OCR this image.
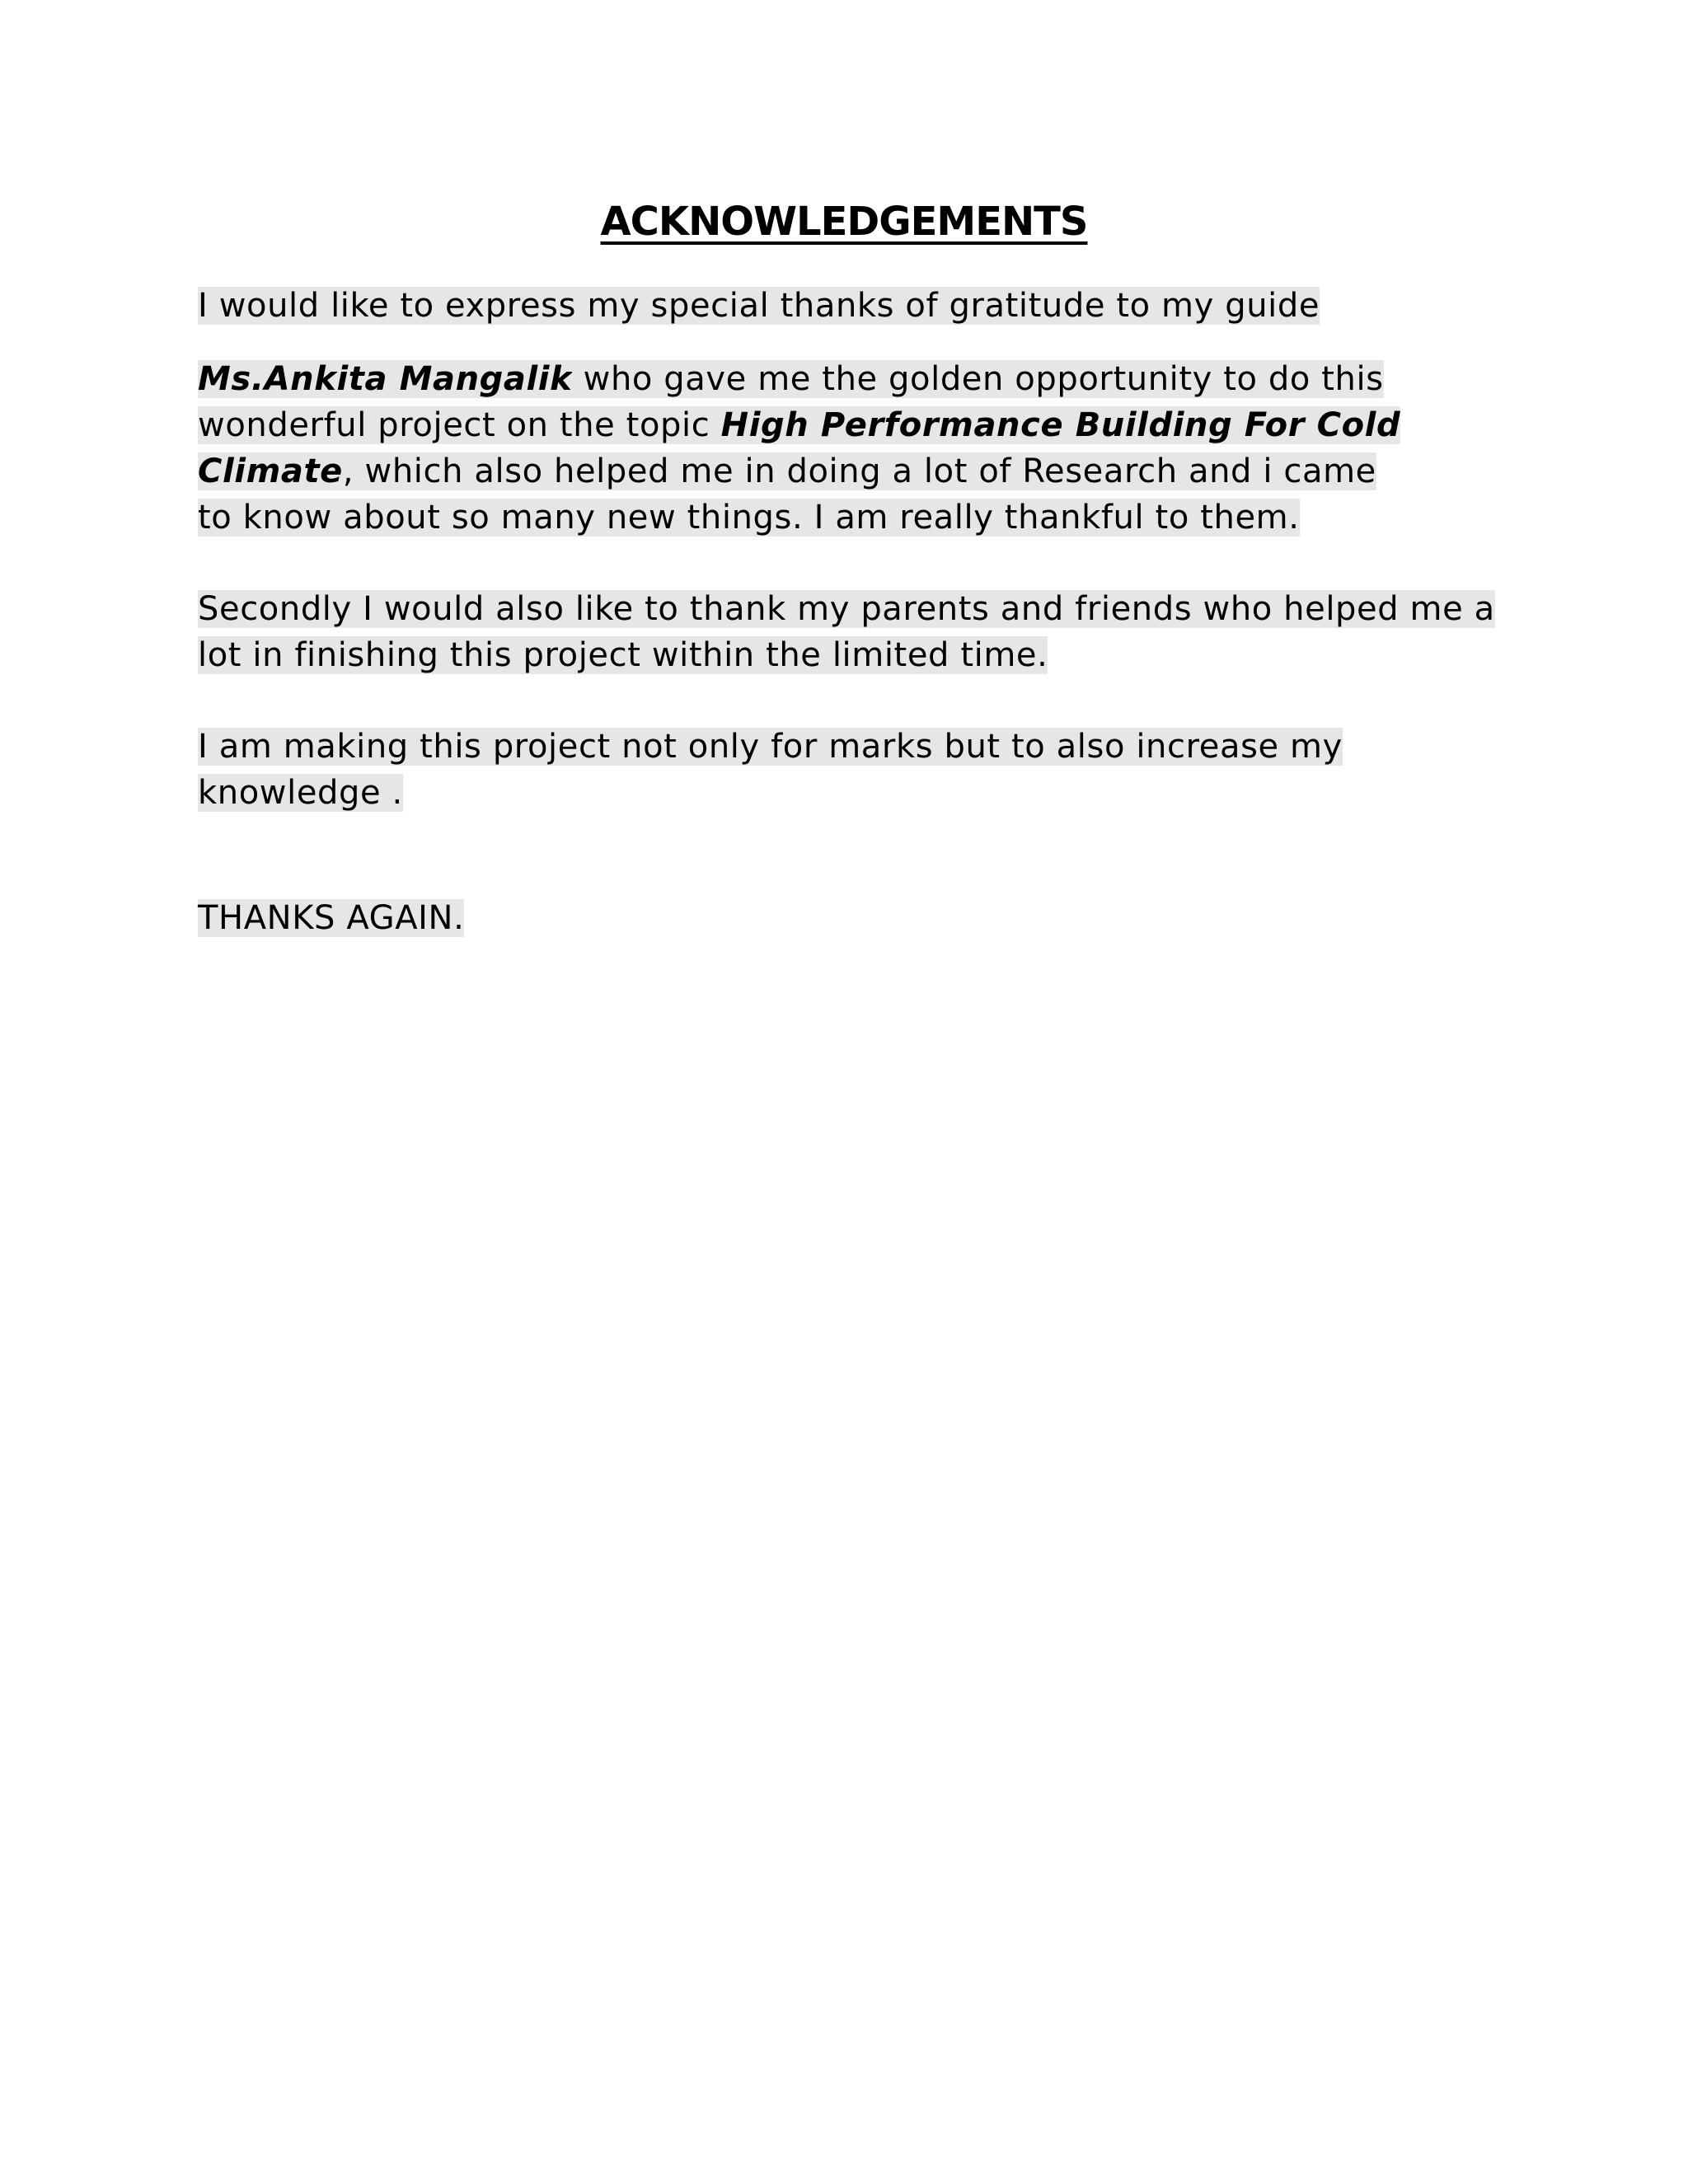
ACKNOWLEDGEMENTS
I would like to express my special thanks of gratitude to my guide
Ms.Ankita Mangalik who gave me the golden opportunity to do this
wonderful project on the topic High Performance Building For Cold
Climate, which also helped me in doing a lot of Research and i came
to know about so many new things. I am really thankful to them.
Secondly I would also like to thank my parents and friends who helped me a
lot in finishing this project within the limited time.
I am making this project not only for marks but to also increase my
knowledge .
THANKS AGAIN.
